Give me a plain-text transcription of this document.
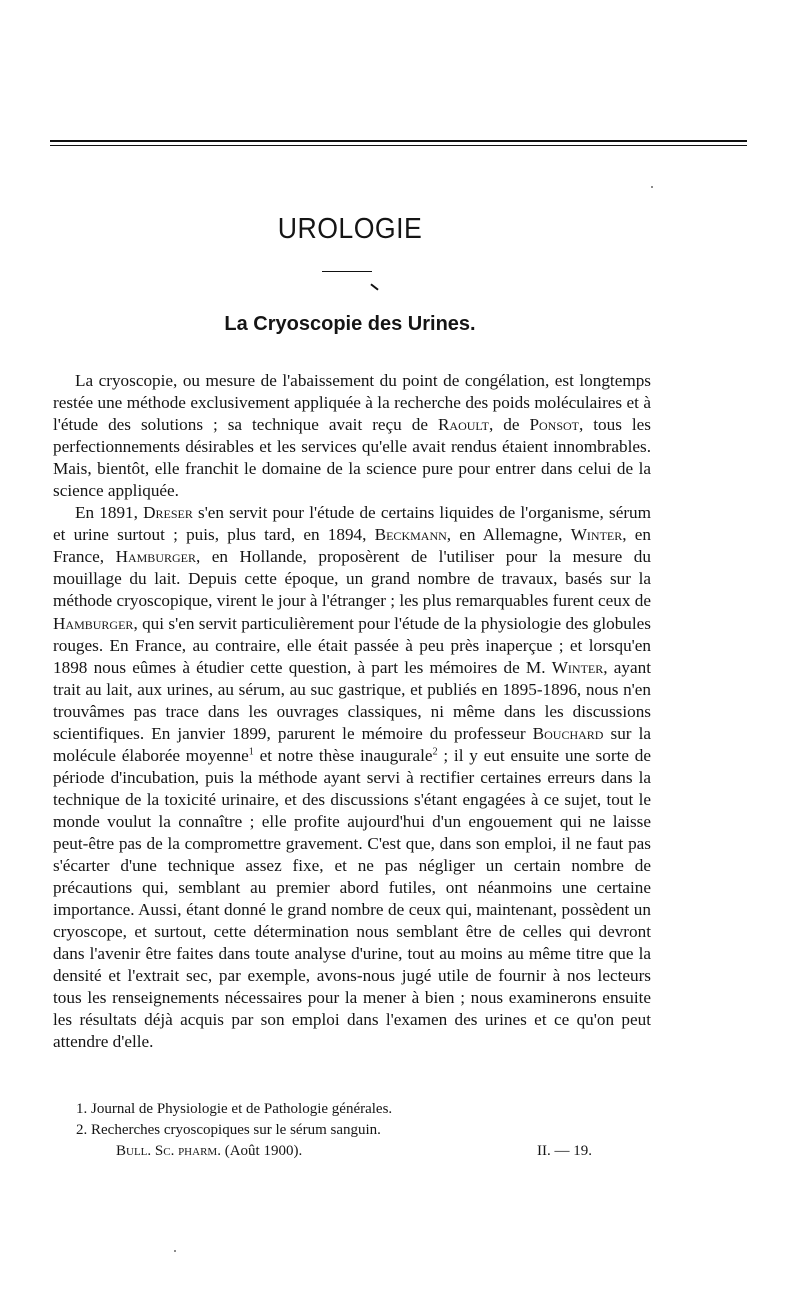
UROLOGIE
La Cryoscopie des Urines.

La cryoscopie, ou mesure de l'abaissement du point de congélation, est longtemps restée une méthode exclusivement appliquée à la recherche des poids moléculaires et à l'étude des solutions ; sa technique avait reçu de Raoult, de Ponsot, tous les perfectionnements désirables et les services qu'elle avait rendus étaient innombrables. Mais, bientôt, elle franchit le domaine de la science pure pour entrer dans celui de la science appliquée.

En 1891, Dreser s'en servit pour l'étude de certains liquides de l'organisme, sérum et urine surtout ; puis, plus tard, en 1894, Beckmann, en Allemagne, Winter, en France, Hamburger, en Hollande, proposèrent de l'utiliser pour la mesure du mouillage du lait. Depuis cette époque, un grand nombre de travaux, basés sur la méthode cryoscopique, virent le jour à l'étranger ; les plus remarquables furent ceux de Hamburger, qui s'en servit particulièrement pour l'étude de la physiologie des globules rouges. En France, au contraire, elle était passée à peu près inaperçue ; et lorsqu'en 1898 nous eûmes à étudier cette question, à part les mémoires de M. Winter, ayant trait au lait, aux urines, au sérum, au suc gastrique, et publiés en 1895-1896, nous n'en trouvâmes pas trace dans les ouvrages classiques, ni même dans les discussions scientifiques. En janvier 1899, parurent le mémoire du professeur Bouchard sur la molécule élaborée moyenne$^1$ et notre thèse inaugurale$^2$ ; il y eut ensuite une sorte de période d'incubation, puis la méthode ayant servi à rectifier certaines erreurs dans la technique de la toxicité urinaire, et des discussions s'étant engagées à ce sujet, tout le monde voulut la connaître ; elle profite aujourd'hui d'un engouement qui ne laisse peut-être pas de la compromettre gravement. C'est que, dans son emploi, il ne faut pas s'écarter d'une technique assez fixe, et ne pas négliger un certain nombre de précautions qui, semblant au premier abord futiles, ont néanmoins une certaine importance. Aussi, étant donné le grand nombre de ceux qui, maintenant, possèdent un cryoscope, et surtout, cette détermination nous semblant être de celles qui devront dans l'avenir être faites dans toute analyse d'urine, tout au moins au même titre que la densité et l'extrait sec, par exemple, avons-nous jugé utile de fournir à nos lecteurs tous les renseignements nécessaires pour la mener à bien ; nous examinerons ensuite les résultats déjà acquis par son emploi dans l'examen des urines et ce qu'on peut attendre d'elle.

1. Journal de Physiologie et de Pathologie générales.
2. Recherches cryoscopiques sur le sérum sanguin.
Bull. Sc. pharm. (Août 1900).	II. — 19.
